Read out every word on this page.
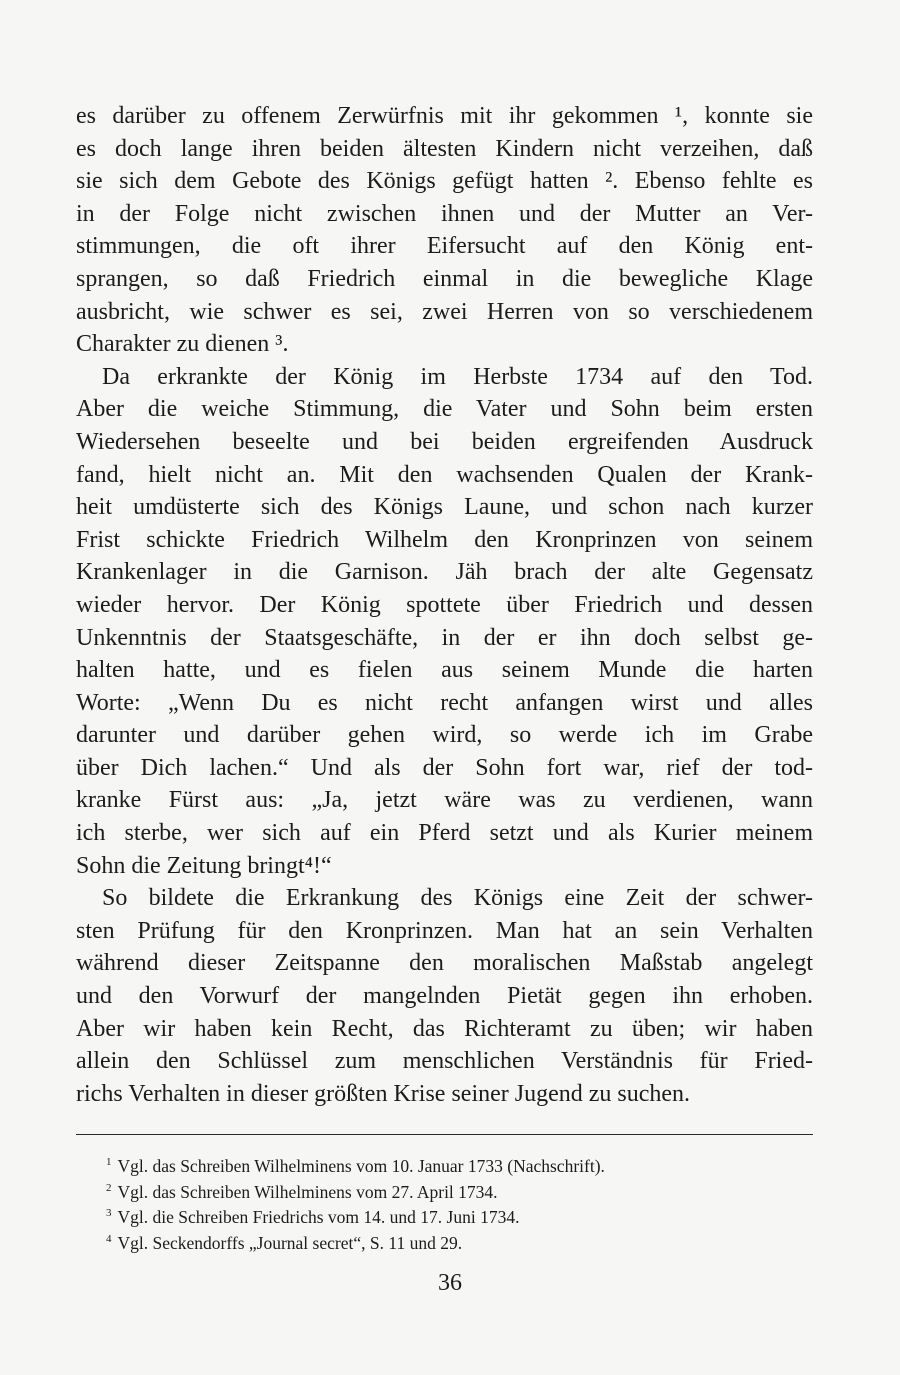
es darüber zu offenem Zerwürfnis mit ihr gekommen ¹, konnte sie
es doch lange ihren beiden ältesten Kindern nicht verzeihen, daß
sie sich dem Gebote des Königs gefügt hatten ². Ebenso fehlte es
in der Folge nicht zwischen ihnen und der Mutter an Ver-
stimmungen, die oft ihrer Eifersucht auf den König ent-
sprangen, so daß Friedrich einmal in die bewegliche Klage
ausbricht, wie schwer es sei, zwei Herren von so verschiedenem
Charakter zu dienen ³.
Da erkrankte der König im Herbste 1734 auf den Tod.
Aber die weiche Stimmung, die Vater und Sohn beim ersten
Wiedersehen beseelte und bei beiden ergreifenden Ausdruck
fand, hielt nicht an. Mit den wachsenden Qualen der Krank-
heit umdüsterte sich des Königs Laune, und schon nach kurzer
Frist schickte Friedrich Wilhelm den Kronprinzen von seinem
Krankenlager in die Garnison. Jäh brach der alte Gegensatz
wieder hervor. Der König spottete über Friedrich und dessen
Unkenntnis der Staatsgeschäfte, in der er ihn doch selbst ge-
halten hatte, und es fielen aus seinem Munde die harten
Worte: „Wenn Du es nicht recht anfangen wirst und alles
darunter und darüber gehen wird, so werde ich im Grabe
über Dich lachen.“ Und als der Sohn fort war, rief der tod-
kranke Fürst aus: „Ja, jetzt wäre was zu verdienen, wann
ich sterbe, wer sich auf ein Pferd setzt und als Kurier meinem
Sohn die Zeitung bringt⁴!“
So bildete die Erkrankung des Königs eine Zeit der schwer-
sten Prüfung für den Kronprinzen. Man hat an sein Verhalten
während dieser Zeitspanne den moralischen Maßstab angelegt
und den Vorwurf der mangelnden Pietät gegen ihn erhoben.
Aber wir haben kein Recht, das Richteramt zu üben; wir haben
allein den Schlüssel zum menschlichen Verständnis für Fried-
richs Verhalten in dieser größten Krise seiner Jugend zu suchen.
$^1$ Vgl. das Schreiben Wilhelminens vom 10. Januar 1733 (Nachschrift).
$^2$ Vgl. das Schreiben Wilhelminens vom 27. April 1734.
$^3$ Vgl. die Schreiben Friedrichs vom 14. und 17. Juni 1734.
$^4$ Vgl. Seckendorffs „Journal secret“, S. 11 und 29.
36
